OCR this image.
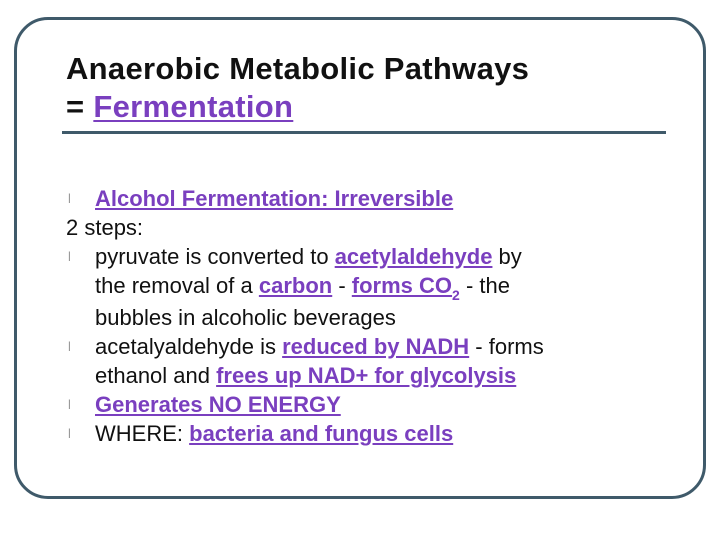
Anaerobic Metabolic Pathways
= Fermentation
l Alcohol Fermentation: Irreversible
2 steps:
l pyruvate is converted to acetylaldehyde by
the removal of a carbon - forms $CO_2$ - the
bubbles in alcoholic beverages
l acetalyaldehyde is reduced by NADH - forms
ethanol and frees up NAD+ for glycolysis
l Generates NO ENERGY
l WHERE: bacteria and fungus cells
